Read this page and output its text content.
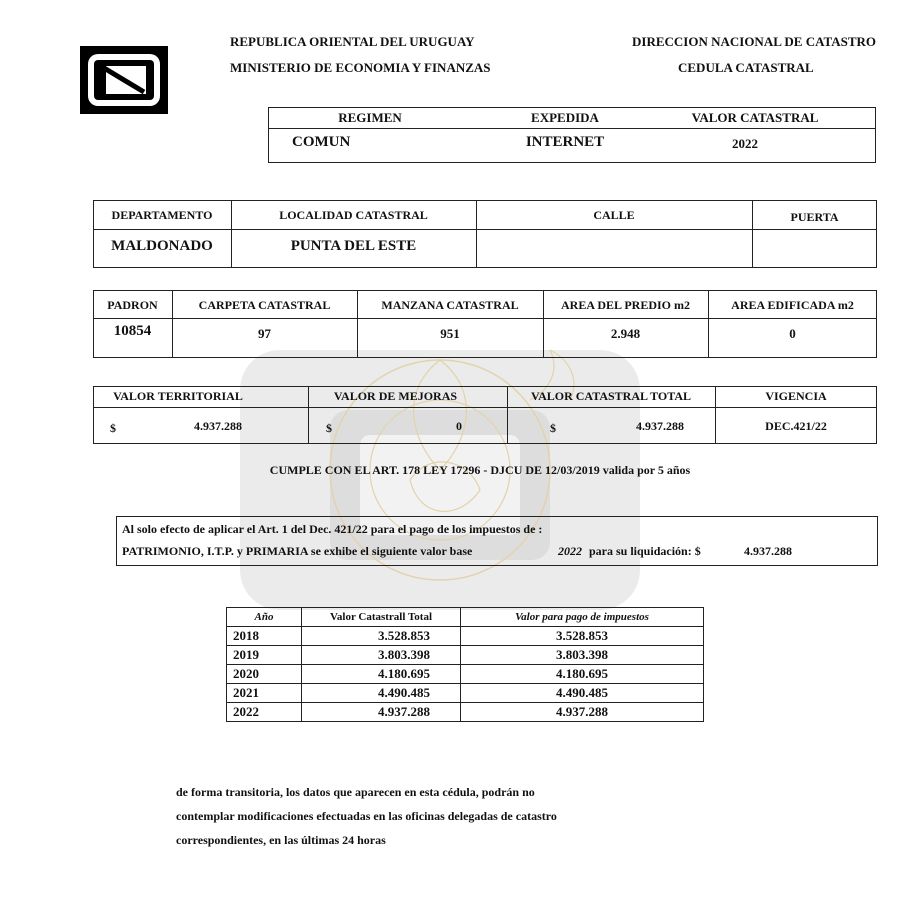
REPUBLICA ORIENTAL DEL URUGUAY
MINISTERIO DE ECONOMIA Y FINANZAS
DIRECCION NACIONAL DE CATASTRO
CEDULA CATASTRAL
REGIMEN	EXPEDIDA	VALOR CATASTRAL
COMUN	INTERNET	2022
DEPARTAMENTO	LOCALIDAD CATASTRAL	CALLE	PUERTA
MALDONADO	PUNTA DEL ESTE
PADRON	CARPETA CATASTRAL	MANZANA CATASTRAL	AREA DEL PREDIO m2	AREA EDIFICADA m2
10854	97	951	2.948	0
VALOR TERRITORIAL	VALOR DE MEJORAS	VALOR CATASTRAL TOTAL	VIGENCIA
$	4.937.288	$	0	$	4.937.288	DEC.421/22
CUMPLE CON EL ART. 178 LEY 17296 - DJCU DE 12/03/2019 valida por 5 años
Al solo efecto de aplicar el Art. 1 del Dec. 421/22 para el pago de los impuestos de :
PATRIMONIO, I.T.P. y PRIMARIA se exhibe el siguiente valor base	2022 para su liquidación: $	4.937.288
Año	Valor Catastrall Total	Valor para pago de impuestos
2018	3.528.853	3.528.853
2019	3.803.398	3.803.398
2020	4.180.695	4.180.695
2021	4.490.485	4.490.485
2022	4.937.288	4.937.288
de forma transitoria, los datos que aparecen en esta cédula, podrán no
contemplar modificaciones efectuadas en las oficinas delegadas de catastro
correspondientes, en las últimas 24 horas
